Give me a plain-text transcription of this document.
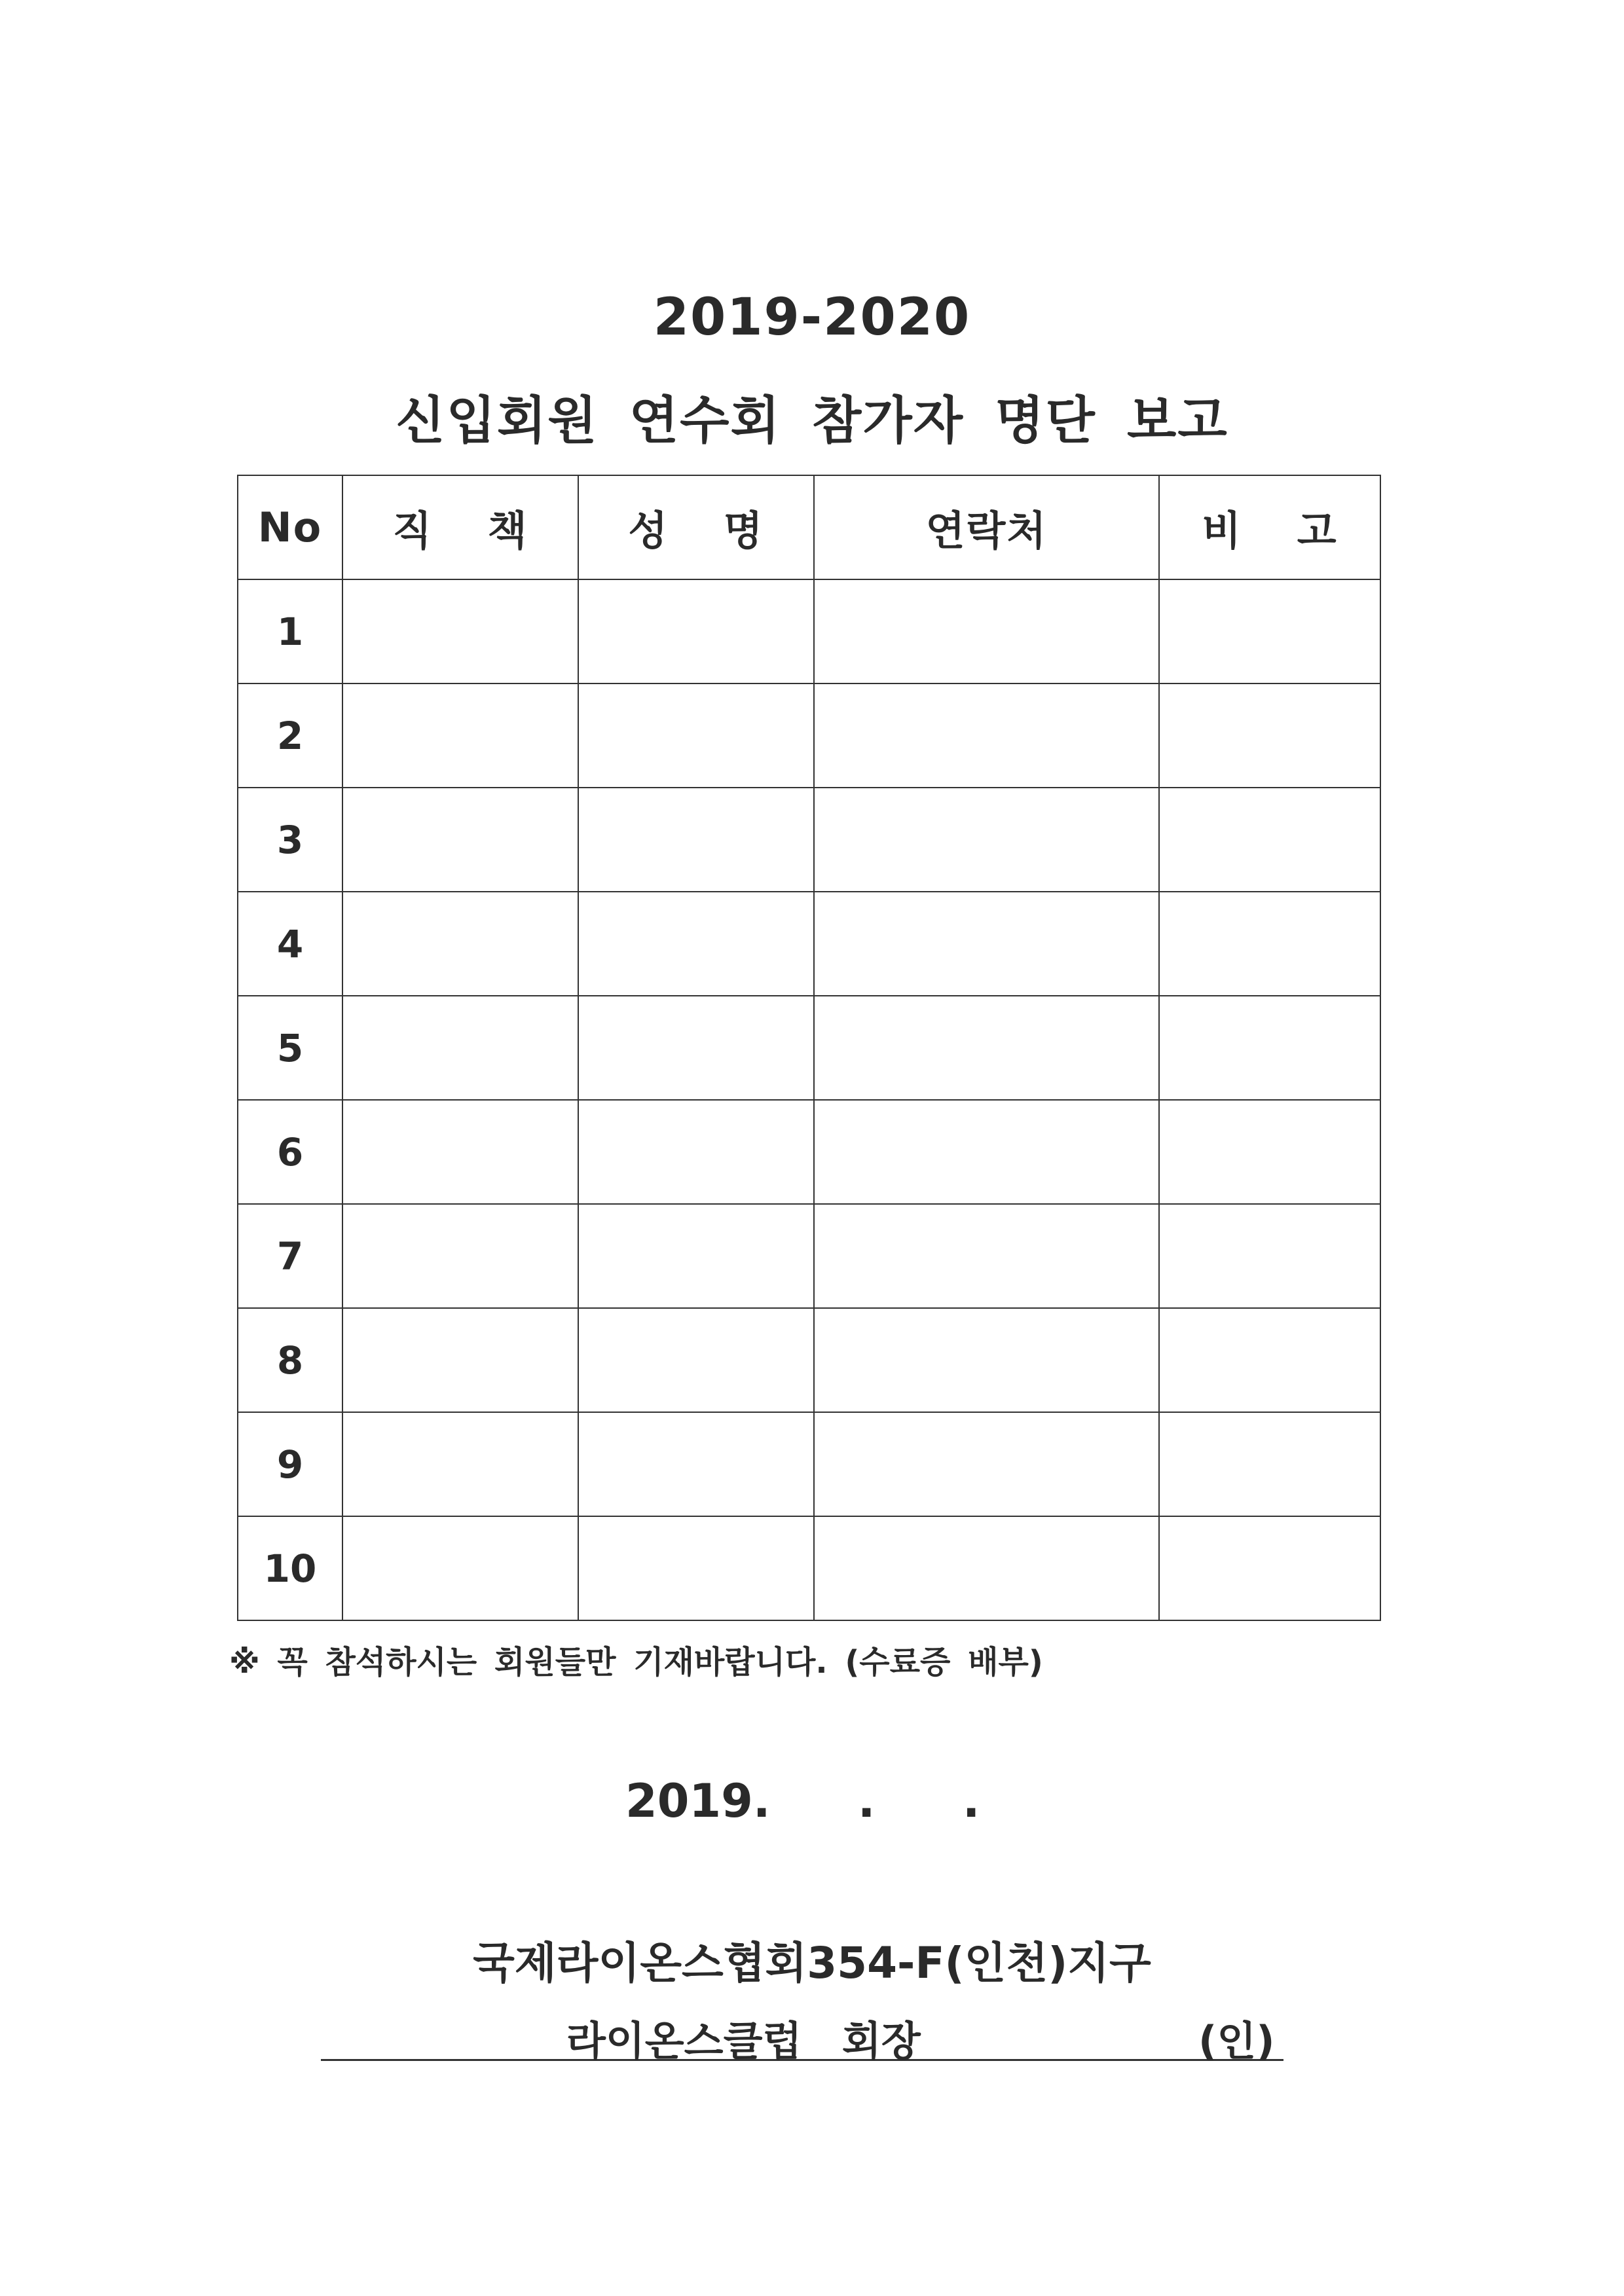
2019-2020
신입회원 연수회 참가자 명단 보고
No	직 책	성 명	연락처	비 고
1				
2				
3				
4				
5				
6				
7				
8				
9				
10				
※ 꼭 참석하시는 회원들만 기재바랍니다. (수료증 배부)
2019. . .
국제라이온스협회354-F(인천)지구
라이온스클럽 회장	(인)
